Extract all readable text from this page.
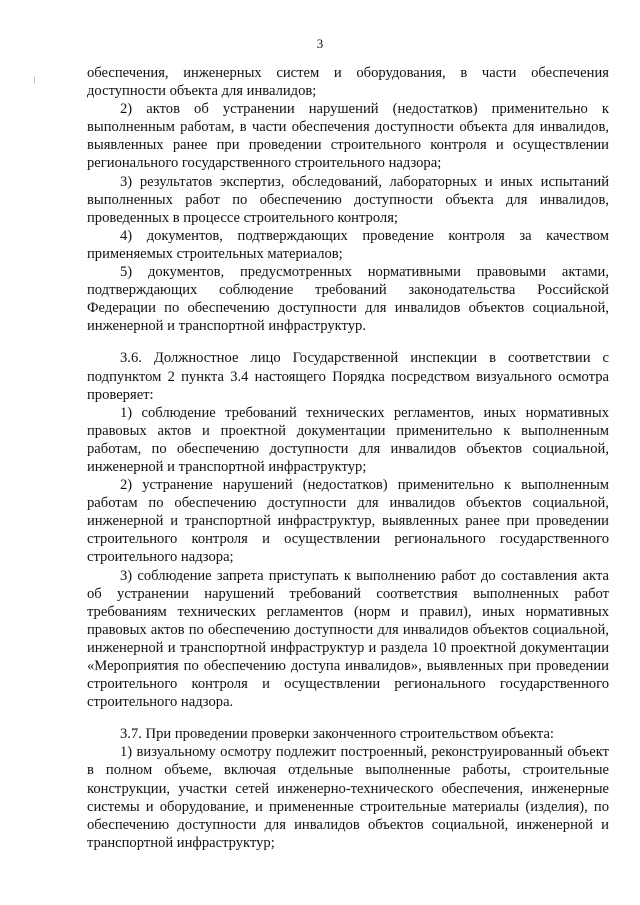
3

обеспечения, инженерных систем и оборудования, в части обеспечения доступности объекта для инвалидов;

2) актов об устранении нарушений (недостатков) применительно к выполненным работам, в части обеспечения доступности объекта для инвалидов, выявленных ранее при проведении строительного контроля и осуществлении регионального государственного строительного надзора;

3) результатов экспертиз, обследований, лабораторных и иных испытаний выполненных работ по обеспечению доступности объекта для инвалидов, проведенных в процессе строительного контроля;

4) документов, подтверждающих проведение контроля за качеством применяемых строительных материалов;

5) документов, предусмотренных нормативными правовыми актами, подтверждающих соблюдение требований законодательства Российской Федерации по обеспечению доступности для инвалидов объектов социальной, инженерной и транспортной инфраструктур.

3.6. Должностное лицо Государственной инспекции в соответствии с подпунктом 2 пункта 3.4 настоящего Порядка посредством визуального осмотра проверяет:

1) соблюдение требований технических регламентов, иных нормативных правовых актов и проектной документации применительно к выполненным работам, по обеспечению доступности для инвалидов объектов социальной, инженерной и транспортной инфраструктур;

2) устранение нарушений (недостатков) применительно к выполненным работам по обеспечению доступности для инвалидов объектов социальной, инженерной и транспортной инфраструктур, выявленных ранее при проведении строительного контроля и осуществлении регионального государственного строительного надзора;

3) соблюдение запрета приступать к выполнению работ до составления акта об устранении нарушений требований соответствия выполненных работ требованиям технических регламентов (норм и правил), иных нормативных правовых актов по обеспечению доступности для инвалидов объектов социальной, инженерной и транспортной инфраструктур и раздела 10 проектной документации «Мероприятия по обеспечению доступа инвалидов», выявленных при проведении строительного контроля и осуществлении регионального государственного строительного надзора.

3.7. При проведении проверки законченного строительством объекта:

1) визуальному осмотру подлежит построенный, реконструированный объект в полном объеме, включая отдельные выполненные работы, строительные конструкции, участки сетей инженерно-технического обеспечения, инженерные системы и оборудование, и примененные строительные материалы (изделия), по обеспечению доступности для инвалидов объектов социальной, инженерной и транспортной инфраструктур;
